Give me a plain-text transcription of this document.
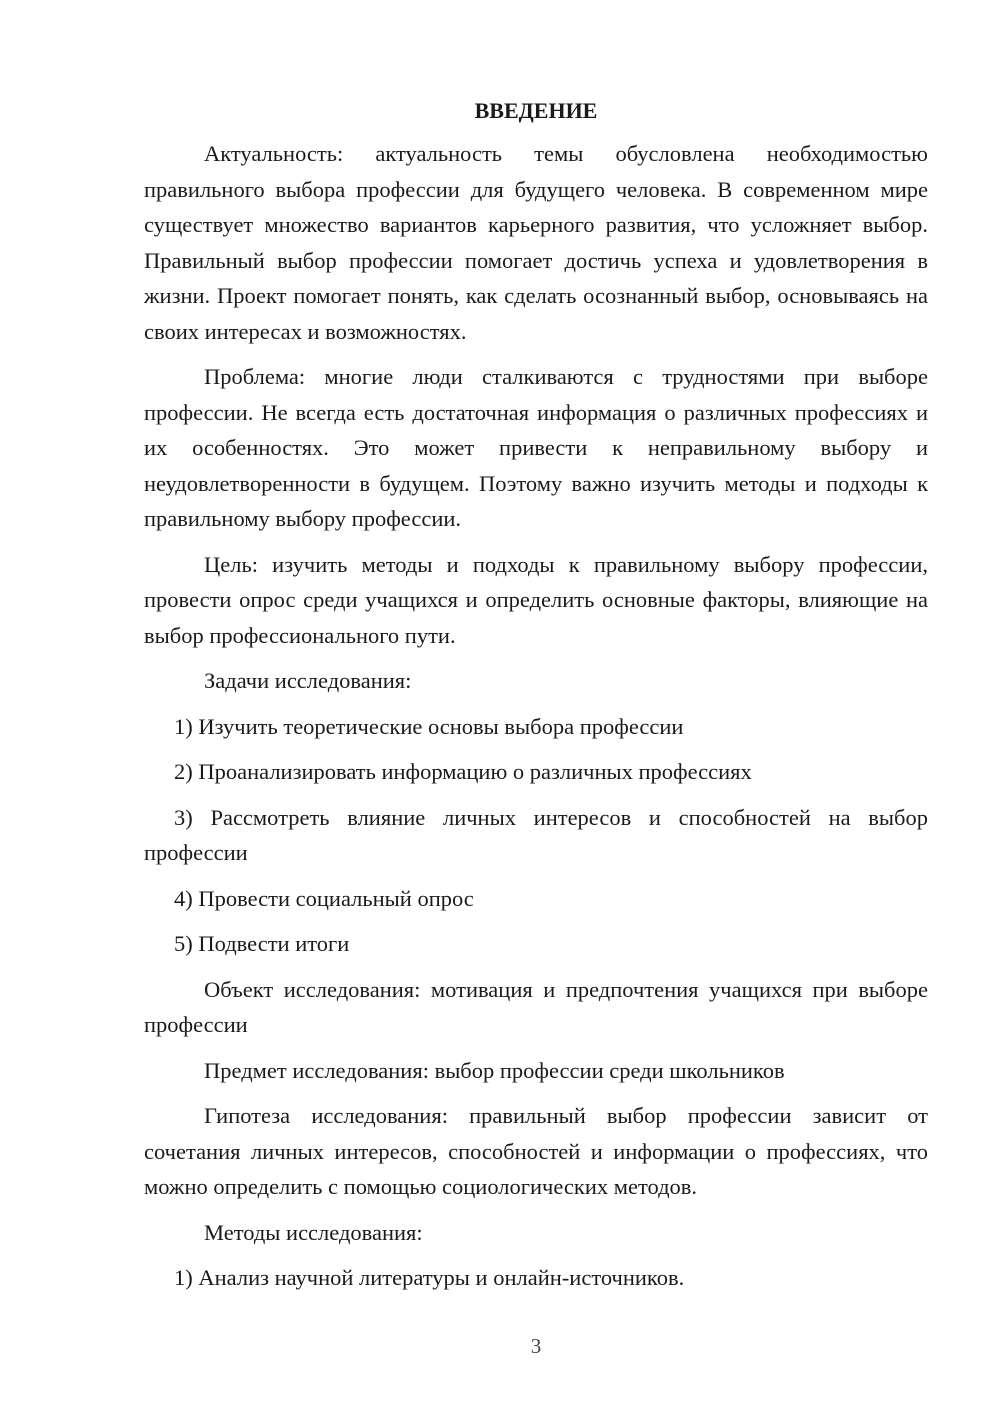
ВВЕДЕНИЕ

Актуальность: актуальность темы обусловлена необходимостью правильного выбора профессии для будущего человека. В современном мире существует множество вариантов карьерного развития, что усложняет выбор. Правильный выбор профессии помогает достичь успеха и удовлетворения в жизни. Проект помогает понять, как сделать осознанный выбор, основываясь на своих интересах и возможностях.

Проблема: многие люди сталкиваются с трудностями при выборе профессии. Не всегда есть достаточная информация о различных профессиях и их особенностях. Это может привести к неправильному выбору и неудовлетворенности в будущем. Поэтому важно изучить методы и подходы к правильному выбору профессии.

Цель: изучить методы и подходы к правильному выбору профессии, провести опрос среди учащихся и определить основные факторы, влияющие на выбор профессионального пути.

Задачи исследования:

1) Изучить теоретические основы выбора профессии

2) Проанализировать информацию о различных профессиях

3) Рассмотреть влияние личных интересов и способностей на выбор профессии

4) Провести социальный опрос

5) Подвести итоги

Объект исследования: мотивация и предпочтения учащихся при выборе профессии

Предмет исследования: выбор профессии среди школьников

Гипотеза исследования: правильный выбор профессии зависит от сочетания личных интересов, способностей и информации о профессиях, что можно определить с помощью социологических методов.

Методы исследования:

1) Анализ научной литературы и онлайн-источников.

3
